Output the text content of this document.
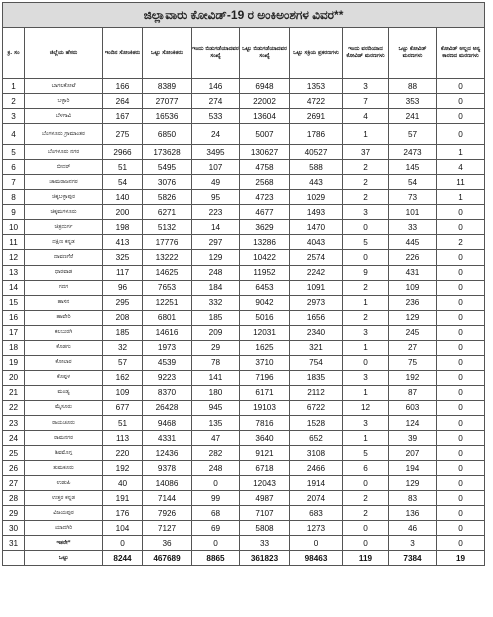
ಜಿಲ್ಲಾವಾರು ಕೋವಿಡ್-19 ರ ಅಂಕಿಅಂಶಗಳ ವಿವರ**									
ಕ್ರ. ಸಂ	ಜಿಲ್ಲೆಯ ಹೆಸರು	ಇಂದಿನ ಸೋಂಕಿತರು	ಒಟ್ಟು ಸೋಂಕಿತರು	ಇಂದು ಬಿಡುಗಡೆಯಾದವರ ಸಂಖ್ಯೆ	ಒಟ್ಟು ಬಿಡುಗಡೆಯಾದವರ ಸಂಖ್ಯೆ	ಒಟ್ಟು ಸಕ್ರಿಯ ಪ್ರಕರಣಗಳು	ಇಂದು ವರದಿಯಾದ ಕೋವಿಡ್ ಮರಣಗಳು	ಒಟ್ಟು ಕೋವಿಡ್ ಮರಣಗಳು	ಕೋವಿಡ್ ಅಲ್ಲದ ಅನ್ಯ ಕಾರಣದ ಮರಣಗಳು
1	ಬಾಗಲಕೋಟೆ	166	8389	146	6948	1353	3	88	0
2	ಬಳ್ಳಾರಿ	264	27077	274	22002	4722	7	353	0
3	ಬೆಳಗಾವಿ	167	16536	533	13604	2691	4	241	0
4	ಬೆಂಗಳೂರು ಗ್ರಾಮಾಂತರ	275	6850	24	5007	1786	1	57	0
5	ಬೆಂಗಳೂರು ನಗರ	2966	173628	3495	130627	40527	37	2473	1
6	ಬೀದರ್	51	5495	107	4758	588	2	145	4
7	ಚಾಮರಾಜನಗರ	54	3076	49	2568	443	2	54	11
8	ಚಿಕ್ಕಬಳ್ಳಾಪುರ	140	5826	95	4723	1029	2	73	1
9	ಚಿಕ್ಕಮಗಳೂರು	200	6271	223	4677	1493	3	101	0
10	ಚಿತ್ರದುರ್ಗ	198	5132	14	3629	1470	0	33	0
11	ದಕ್ಷಿಣ ಕನ್ನಡ	413	17776	297	13286	4043	5	445	2
12	ದಾವಣಗೆರೆ	325	13222	129	10422	2574	0	226	0
13	ಧಾರವಾಡ	117	14625	248	11952	2242	9	431	0
14	ಗದಗ	96	7653	184	6453	1091	2	109	0
15	ಹಾಸನ	295	12251	332	9042	2973	1	236	0
16	ಹಾವೇರಿ	208	6801	185	5016	1656	2	129	0
17	ಕಲಬುರಗಿ	185	14616	209	12031	2340	3	245	0
18	ಕೊಡಗು	32	1973	29	1625	321	1	27	0
19	ಕೋಲಾರ	57	4539	78	3710	754	0	75	0
20	ಕೊಪ್ಪಳ	162	9223	141	7196	1835	3	192	0
21	ಮಂಡ್ಯ	109	8370	180	6171	2112	1	87	0
22	ಮೈಸೂರು	677	26428	945	19103	6722	12	603	0
23	ರಾಯಚೂರು	51	9468	135	7816	1528	3	124	0
24	ರಾಮನಗರ	113	4331	47	3640	652	1	39	0
25	ಶಿವಮೊಗ್ಗ	220	12436	282	9121	3108	5	207	0
26	ತುಮಕೂರು	192	9378	248	6718	2466	6	194	0
27	ಉಡುಪಿ	40	14086	0	12043	1914	0	129	0
28	ಉತ್ತರ ಕನ್ನಡ	191	7144	99	4987	2074	2	83	0
29	ವಿಜಯಪುರ	176	7926	68	7107	683	2	136	0
30	ಯಾದಗಿರಿ	104	7127	69	5808	1273	0	46	0
31	ಇತರೇ*	0	36	0	33	0	0	3	0
	ಒಟ್ಟು	8244	467689	8865	361823	98463	119	7384	19
